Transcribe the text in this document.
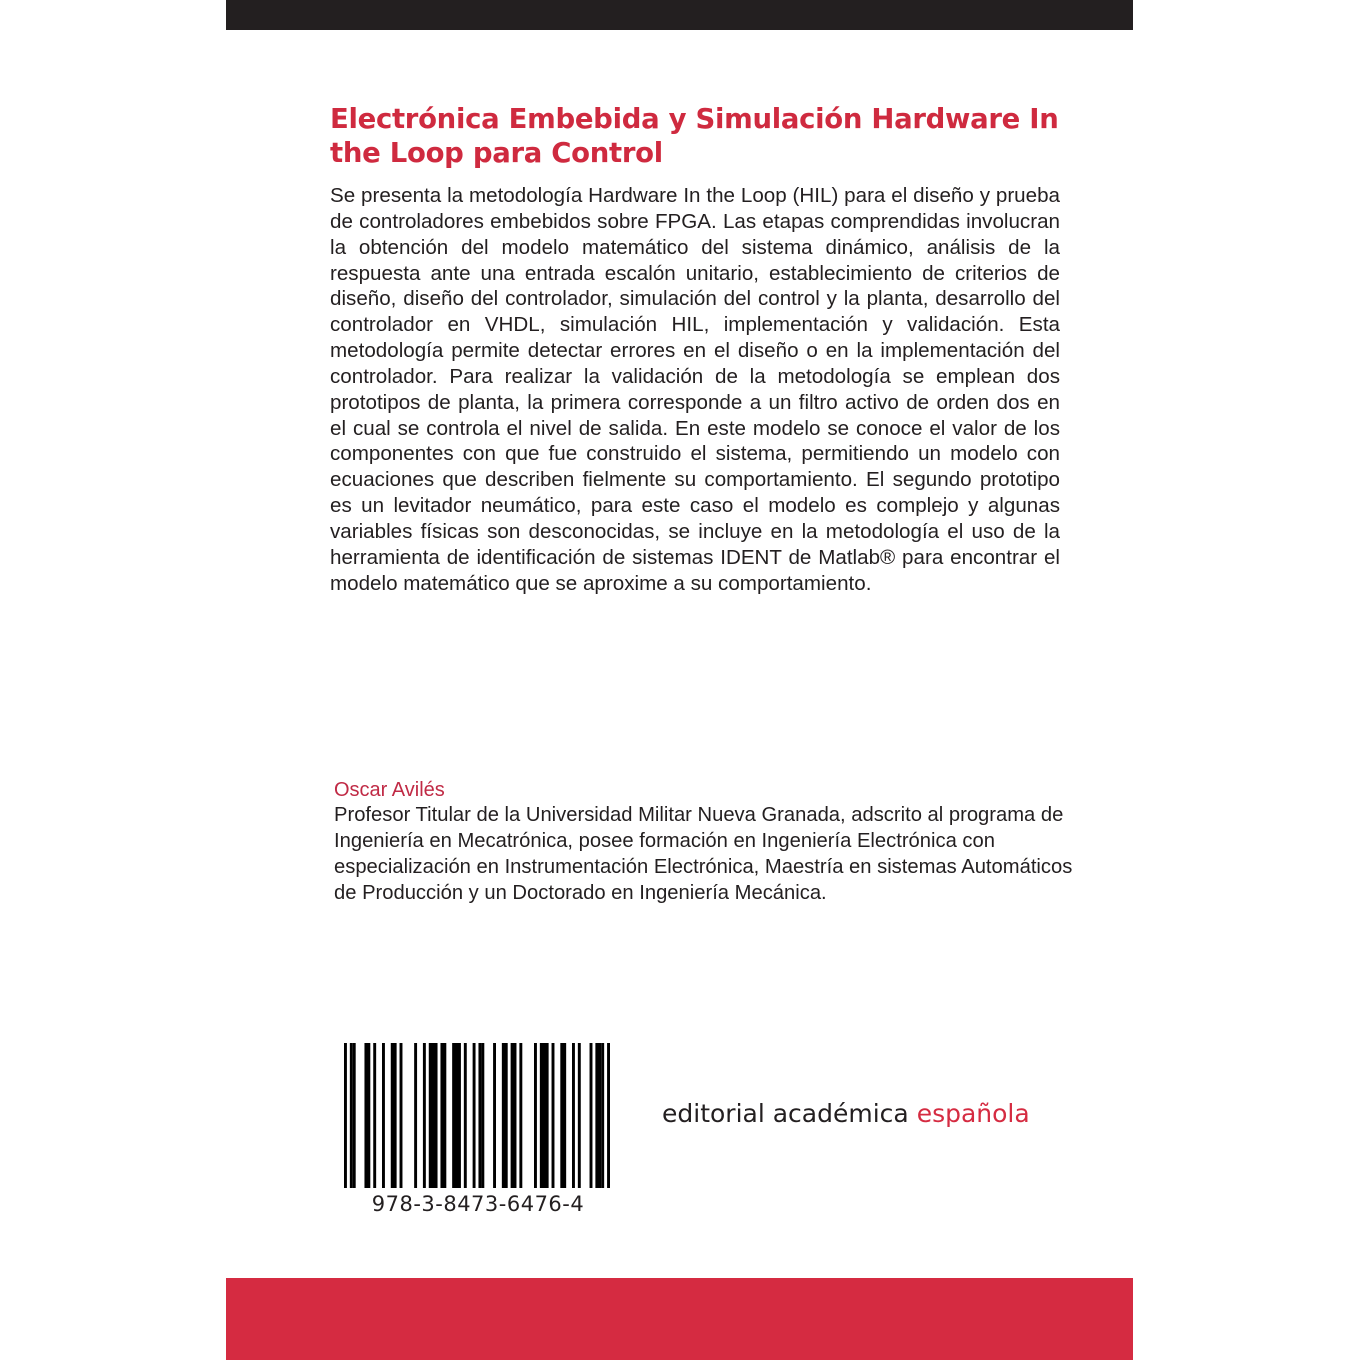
Electrónica Embebida y Simulación Hardware In the Loop para Control

Se presenta la metodología Hardware In the Loop (HIL) para el diseño y prueba de controladores embebidos sobre FPGA. Las etapas comprendidas involucran la obtención del modelo matemático del sistema dinámico, análisis de la respuesta ante una entrada escalón unitario, establecimiento de criterios de diseño, diseño del controlador, simulación del control y la planta, desarrollo del controlador en VHDL, simulación HIL, implementación y validación. Esta metodología permite detectar errores en el diseño o en la implementación del controlador. Para realizar la validación de la metodología se emplean dos prototipos de planta, la primera corresponde a un filtro activo de orden dos en el cual se controla el nivel de salida. En este modelo se conoce el valor de los componentes con que fue construido el sistema, permitiendo un modelo con ecuaciones que describen fielmente su comportamiento. El segundo prototipo es un levitador neumático, para este caso el modelo es complejo y algunas variables físicas son desconocidas, se incluye en la metodología el uso de la herramienta de identificación de sistemas IDENT de Matlab® para encontrar el modelo matemático que se aproxime a su comportamiento.

Oscar Avilés

Profesor Titular de la Universidad Militar Nueva Granada, adscrito al programa de Ingeniería en Mecatrónica, posee formación en Ingeniería Electrónica con especialización en Instrumentación Electrónica, Maestría en sistemas Automáticos de Producción y un Doctorado en Ingeniería Mecánica.

978-3-8473-6476-4
editorial académica española
